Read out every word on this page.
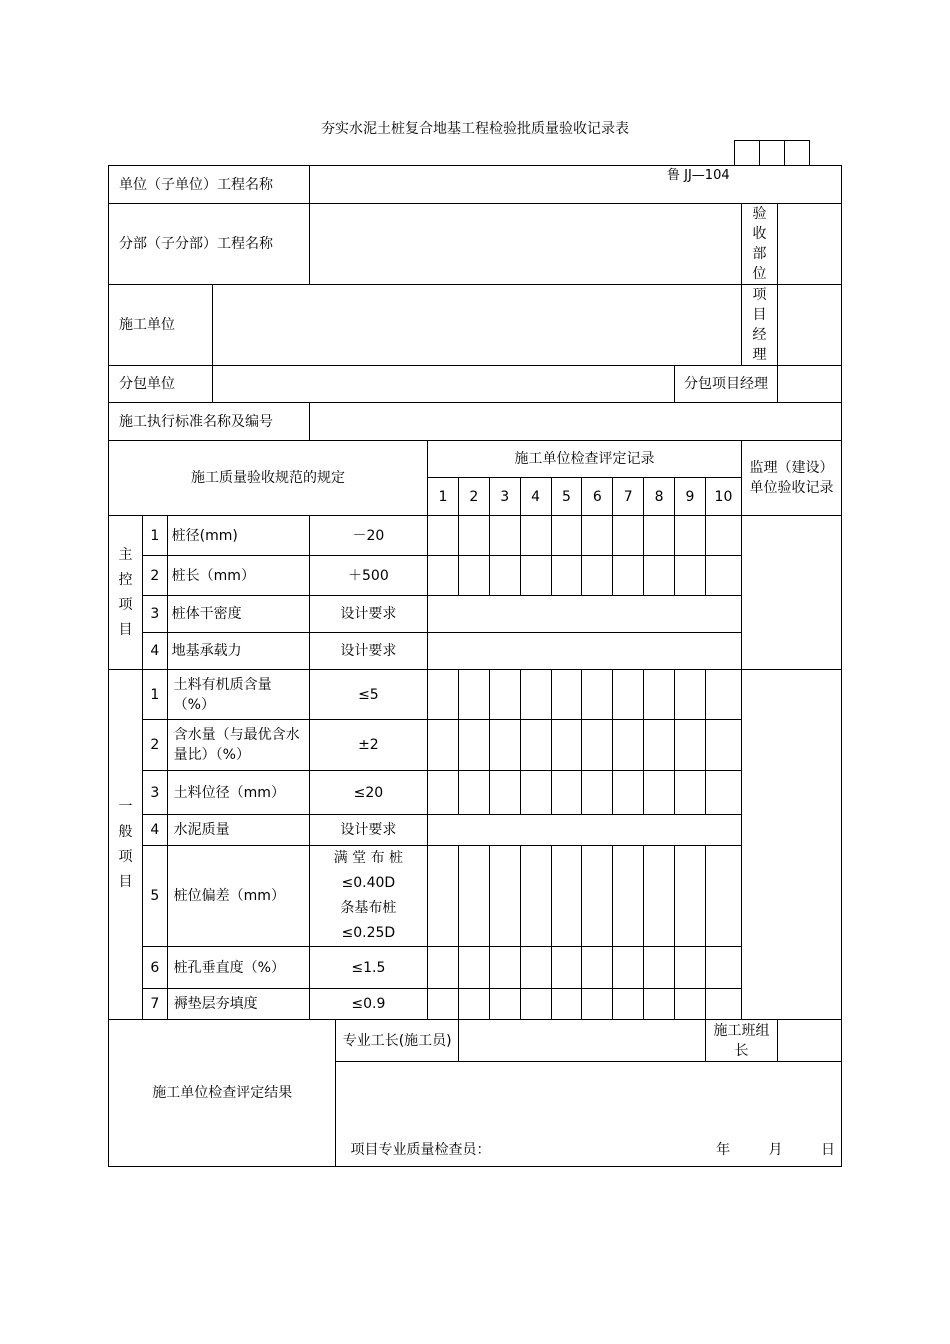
夯实水泥土桩复合地基工程检验批质量验收记录表

鲁 JJ—104
单位（子单位）工程名称																	
分部（子分部）工程名称																验收部位	
施工单位																项目经理	
分包单位														分包项目经理			
施工执行标准名称及编号																	
施工质量验收规范的规定						施工单位检查评定记录										监理（建设）单位验收记录	
						1	2	3	4	5	6	7	8	9	10		
主控项目	1	桩径(mm)		－20													
	2	桩长（mm）		＋500													
	3	桩体干密度		设计要求													
	4	地基承载力		设计要求													
一般项目	1	土料有机质含量（%）		≤5													
	2	含水量（与最优含水量比）（%）		±2													
	3	土料位径（mm）		≤20													
	4	水泥质量		设计要求													
	5	桩位偏差（mm）		满 堂 布 桩 ≤0.40D
条基布桩 ≤0.25D													

	6	桩孔垂直度（%）		≤1.5													
	7	褥垫层夯填度		≤0.9													
施工单位检查评定结果					专业工长(施工员)										施工班组长		

					项目专业质量检查员： 年 月 日												
